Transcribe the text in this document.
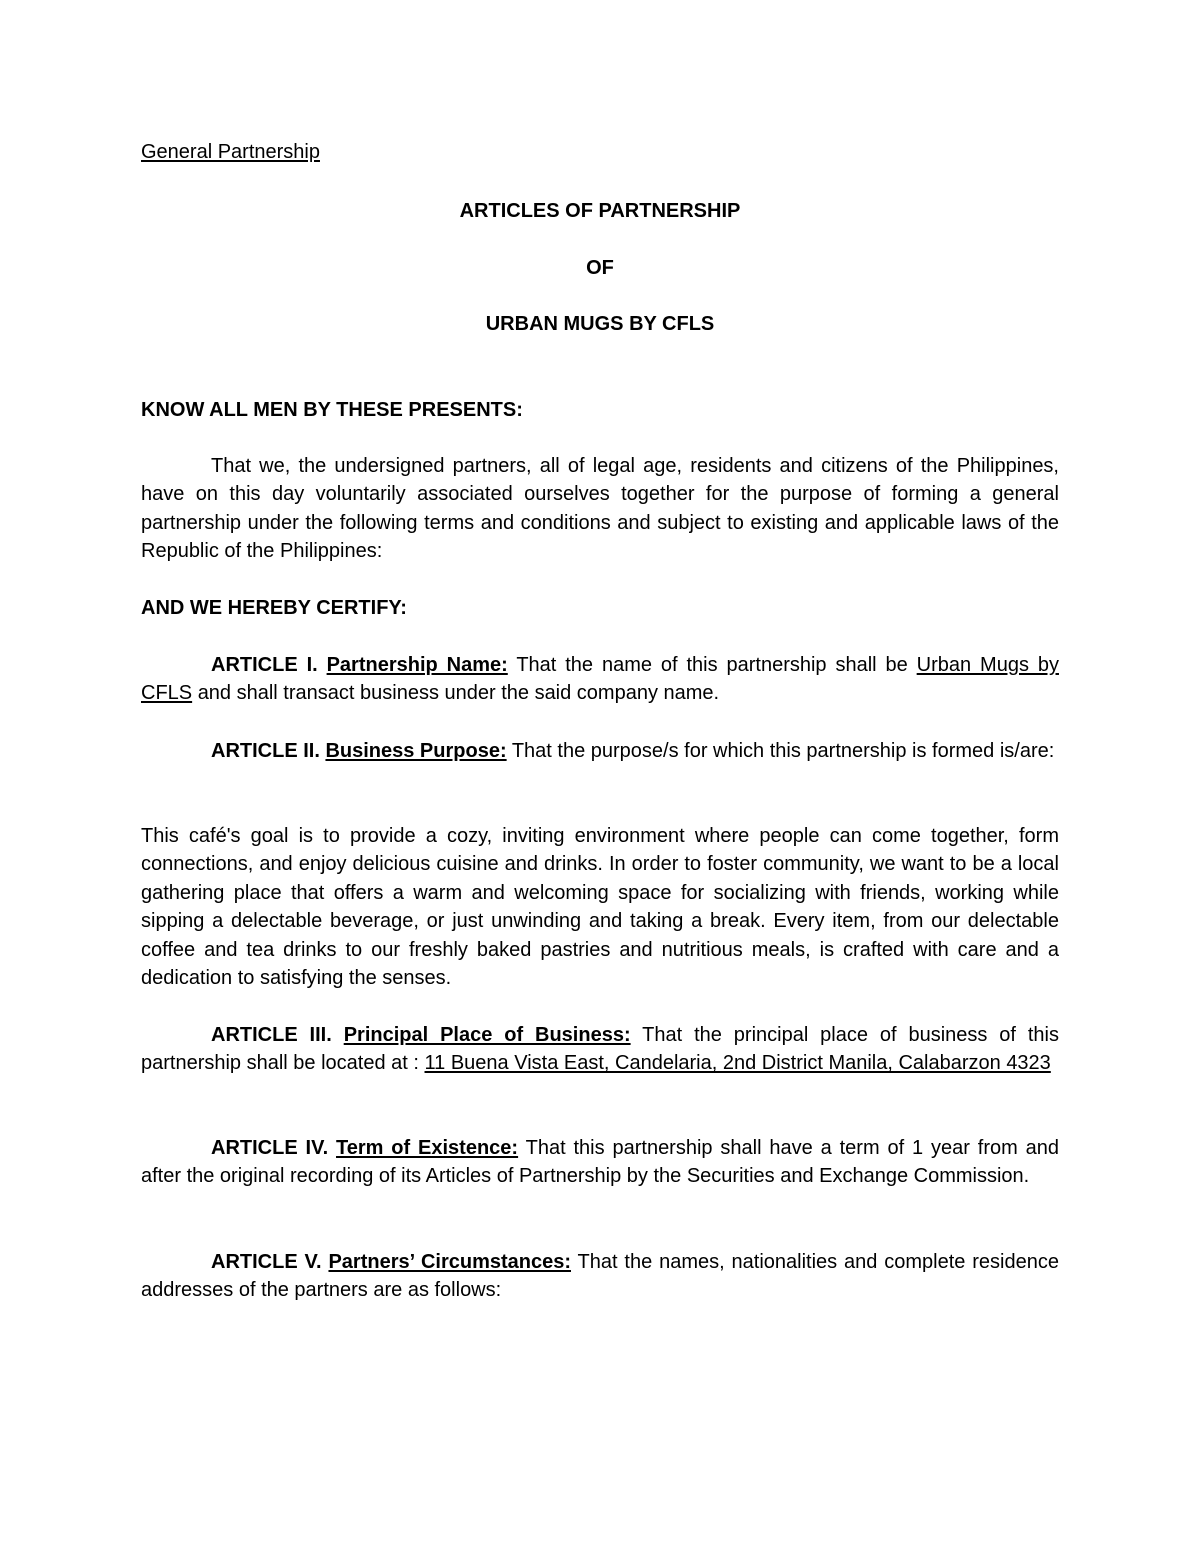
General Partnership

ARTICLES OF PARTNERSHIP

OF

URBAN MUGS BY CFLS

KNOW ALL MEN BY THESE PRESENTS:

That we, the undersigned partners, all of legal age, residents and citizens of the Philippines, have on this day voluntarily associated ourselves together for the purpose of forming a general partnership under the following terms and conditions and subject to existing and applicable laws of the Republic of the Philippines:

AND WE HEREBY CERTIFY:

ARTICLE I. Partnership Name: That the name of this partnership shall be Urban Mugs by CFLS and shall transact business under the said company name.

ARTICLE II. Business Purpose: That the purpose/s for which this partnership is formed is/are:

This café's goal is to provide a cozy, inviting environment where people can come together, form connections, and enjoy delicious cuisine and drinks. In order to foster community, we want to be a local gathering place that offers a warm and welcoming space for socializing with friends, working while sipping a delectable beverage, or just unwinding and taking a break. Every item, from our delectable coffee and tea drinks to our freshly baked pastries and nutritious meals, is crafted with care and a dedication to satisfying the senses.

ARTICLE III. Principal Place of Business: That the principal place of business of this partnership shall be located at : 11 Buena Vista East, Candelaria, 2nd District Manila, Calabarzon 4323

ARTICLE IV. Term of Existence: That this partnership shall have a term of 1 year from and after the original recording of its Articles of Partnership by the Securities and Exchange Commission.

ARTICLE V. Partners’ Circumstances: That the names, nationalities and complete residence addresses of the partners are as follows:
